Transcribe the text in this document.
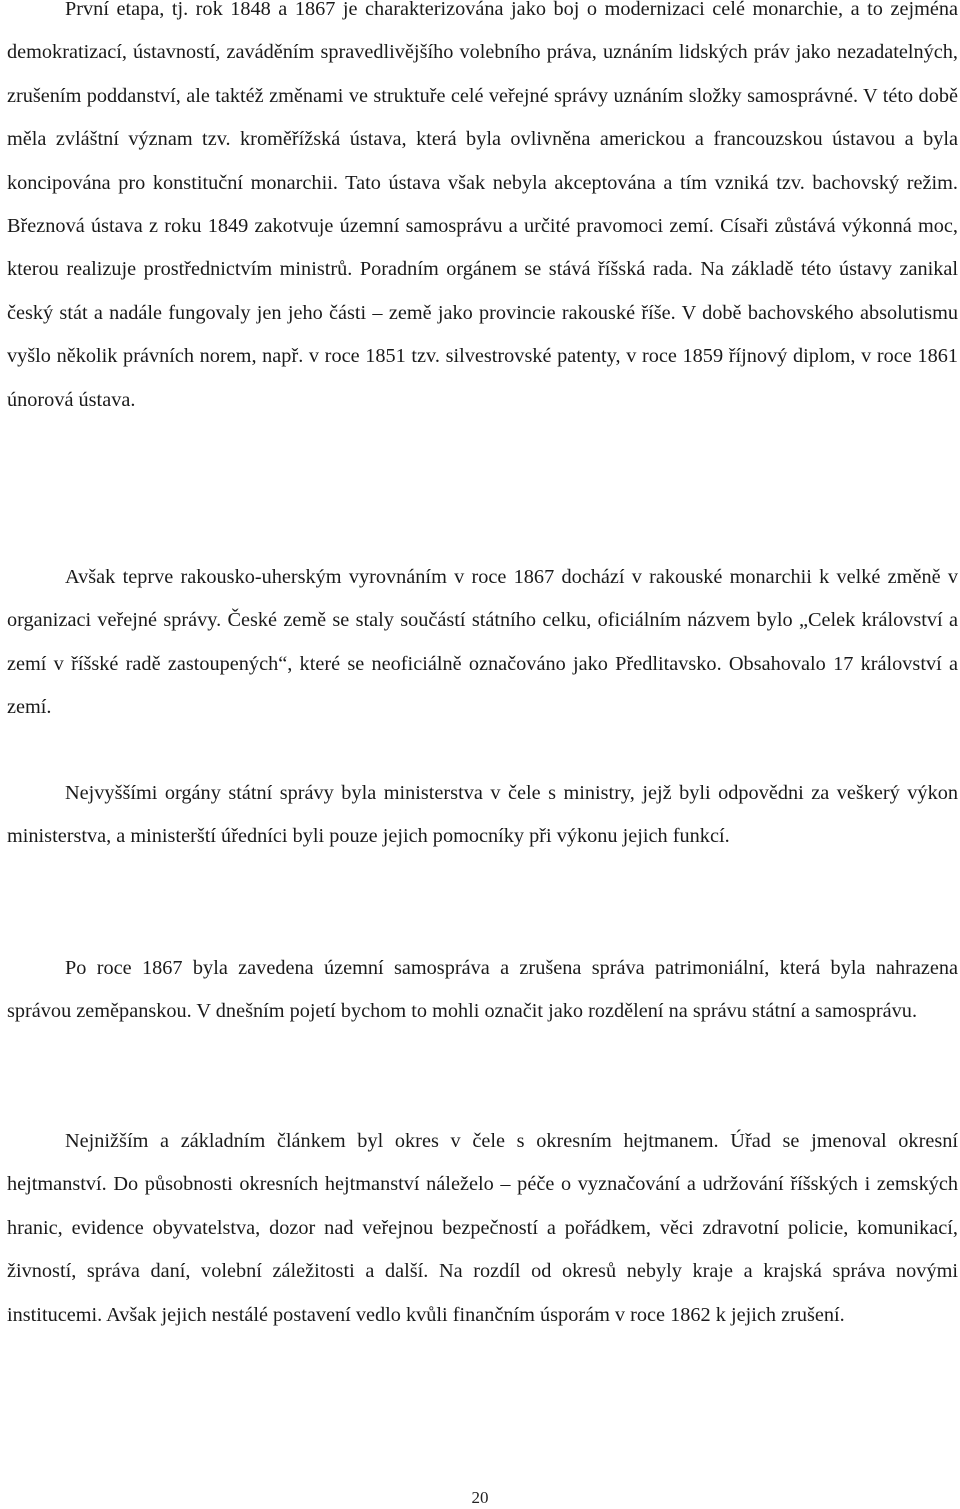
První etapa, tj. rok 1848 a 1867 je charakterizována jako boj o modernizaci celé monarchie, a to zejména demokratizací, ústavností, zaváděním spravedlivějšího volebního práva, uznáním lidských práv jako nezadatelných, zrušením poddanství, ale taktéž změnami ve struktuře celé veřejné správy uznáním složky samosprávné. V této době měla zvláštní význam tzv. kroměřížská ústava, která byla ovlivněna americkou a francouzskou ústavou a byla koncipována pro konstituční monarchii. Tato ústava však nebyla akceptována a tím vzniká tzv. bachovský režim. Březnová ústava z roku 1849 zakotvuje územní samosprávu a určité pravomoci zemí. Císaři zůstává výkonná moc, kterou realizuje prostřednictvím ministrů. Poradním orgánem se stává říšská rada. Na základě této ústavy zanikal český stát a nadále fungovaly jen jeho části – země jako provincie rakouské říše. V době bachovského absolutismu vyšlo několik právních norem, např. v roce 1851 tzv. silvestrovské patenty, v roce 1859 říjnový diplom, v roce 1861 únorová ústava.

Avšak teprve rakousko-uherským vyrovnáním v roce 1867 dochází v rakouské monarchii k velké změně v organizaci veřejné správy. České země se staly součástí státního celku, oficiálním názvem bylo „Celek království a zemí v říšské radě zastoupených“, které se neoficiálně označováno jako Předlitavsko. Obsahovalo 17 království a zemí.

Nejvyššími orgány státní správy byla ministerstva v čele s ministry, jejž byli odpovědni za veškerý výkon ministerstva, a ministerští úředníci byli pouze jejich pomocníky při výkonu jejich funkcí.

Po roce 1867 byla zavedena územní samospráva a zrušena správa patrimoniální, která byla nahrazena správou zeměpanskou. V dnešním pojetí bychom to mohli označit jako rozdělení na správu státní a samosprávu.

Nejnižším a základním článkem byl okres v čele s okresním hejtmanem. Úřad se jmenoval okresní hejtmanství. Do působnosti okresních hejtmanství náleželo – péče o vyznačování a udržování říšských i zemských hranic, evidence obyvatelstva, dozor nad veřejnou bezpečností a pořádkem, věci zdravotní policie, komunikací, živností, správa daní, volební záležitosti a další. Na rozdíl od okresů nebyly kraje a krajská správa novými institucemi. Avšak jejich nestálé postavení vedlo kvůli finančním úsporám v roce 1862 k jejich zrušení.

20
